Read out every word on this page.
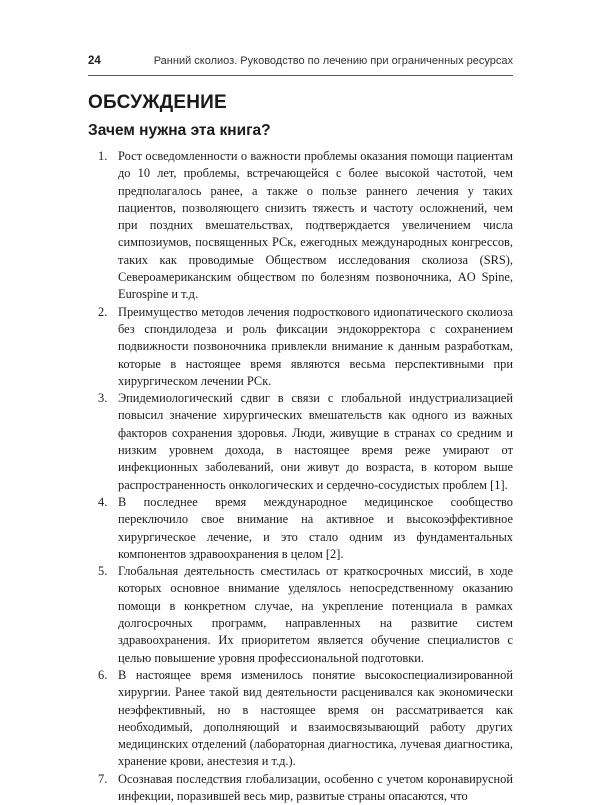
24	Ранний сколиоз. Руководство по лечению при ограниченных ресурсах
ОБСУЖДЕНИЕ
Зачем нужна эта книга?
1. Рост осведомленности о важности проблемы оказания помощи пациентам до 10 лет, проблемы, встречающейся с более высокой частотой, чем предполагалось ранее, а также о пользе раннего лечения у таких пациентов, позволяющего снизить тяжесть и частоту осложнений, чем при поздних вмешательствах, подтверждается увеличением числа симпозиумов, посвященных РСк, ежегодных международных конгрессов, таких как проводимые Обществом исследования сколиоза (SRS), Североамериканским обществом по болезням позвоночника, AO Spine, Eurospine и т.д.
2. Преимущество методов лечения подросткового идиопатического сколиоза без спондилодеза и роль фиксации эндокорректора с сохранением подвижности позвоночника привлекли внимание к данным разработкам, которые в настоящее время являются весьма перспективными при хирургическом лечении РСк.
3. Эпидемиологический сдвиг в связи с глобальной индустриализацией повысил значение хирургических вмешательств как одного из важных факторов сохранения здоровья. Люди, живущие в странах со средним и низким уровнем дохода, в настоящее время реже умирают от инфекционных заболеваний, они живут до возраста, в котором выше распространенность онкологических и сердечно-сосудистых проблем [1].
4. В последнее время международное медицинское сообщество переключило свое внимание на активное и высокоэффективное хирургическое лечение, и это стало одним из фундаментальных компонентов здравоохранения в целом [2].
5. Глобальная деятельность сместилась от краткосрочных миссий, в ходе которых основное внимание уделялось непосредственному оказанию помощи в конкретном случае, на укрепление потенциала в рамках долгосрочных программ, направленных на развитие систем здравоохранения. Их приоритетом является обучение специалистов с целью повышение уровня профессиональной подготовки.
6. В настоящее время изменилось понятие высокоспециализированной хирургии. Ранее такой вид деятельности расценивался как экономически неэффективный, но в настоящее время он рассматривается как необходимый, дополняющий и взаимосвязывающий работу других медицинских отделений (лабораторная диагностика, лучевая диагностика, хранение крови, анестезия и т.д.).
7. Осознавая последствия глобализации, особенно с учетом коронавирусной инфекции, поразившей весь мир, развитые страны опасаются, что
